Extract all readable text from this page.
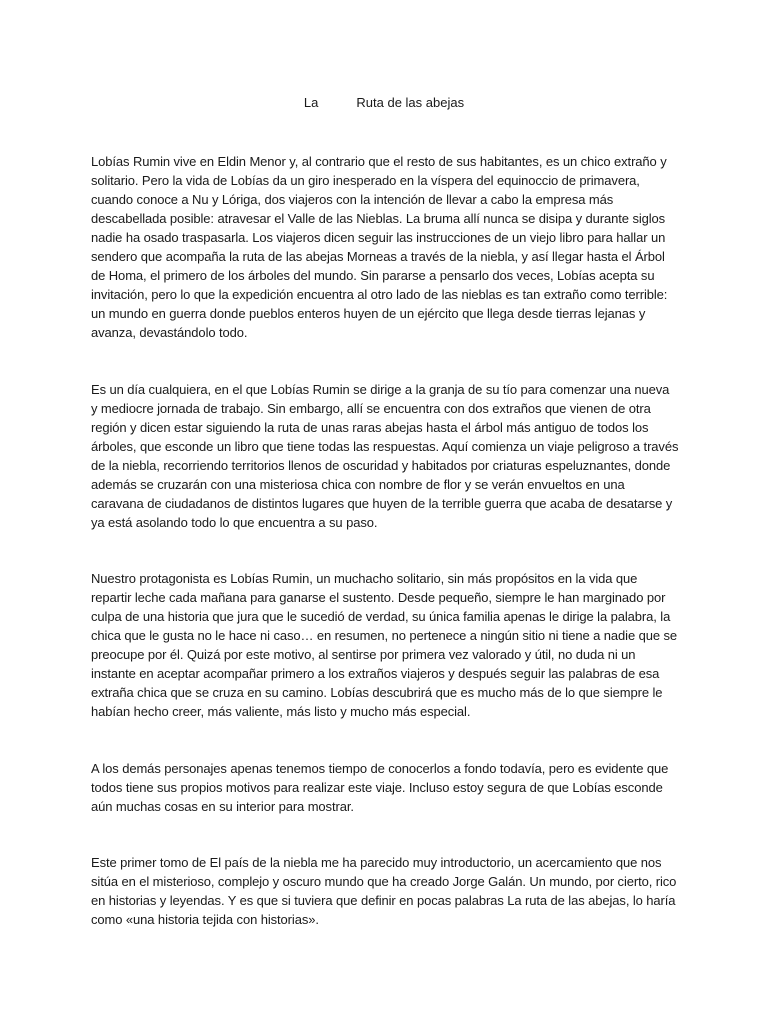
La	Ruta de las abejas

Lobías Rumin vive en Eldin Menor y, al contrario que el resto de sus habitantes, es un chico extraño y solitario. Pero la vida de Lobías da un giro inesperado en la víspera del equinoccio de primavera, cuando conoce a Nu y Lóriga, dos viajeros con la intención de llevar a cabo la empresa más descabellada posible: atravesar el Valle de las Nieblas. La bruma allí nunca se disipa y durante siglos nadie ha osado traspasarla. Los viajeros dicen seguir las instrucciones de un viejo libro para hallar un sendero que acompaña la ruta de las abejas Morneas a través de la niebla, y así llegar hasta el Árbol de Homa, el primero de los árboles del mundo. Sin pararse a pensarlo dos veces, Lobías acepta su invitación, pero lo que la expedición encuentra al otro lado de las nieblas es tan extraño como terrible: un mundo en guerra donde pueblos enteros huyen de un ejército que llega desde tierras lejanas y avanza, devastándolo todo.

Es un día cualquiera, en el que Lobías Rumin se dirige a la granja de su tío para comenzar una nueva y mediocre jornada de trabajo. Sin embargo, allí se encuentra con dos extraños que vienen de otra región y dicen estar siguiendo la ruta de unas raras abejas hasta el árbol más antiguo de todos los árboles, que esconde un libro que tiene todas las respuestas. Aquí comienza un viaje peligroso a través de la niebla, recorriendo territorios llenos de oscuridad y habitados por criaturas espeluznantes, donde además se cruzarán con una misteriosa chica con nombre de flor y se verán envueltos en una caravana de ciudadanos de distintos lugares que huyen de la terrible guerra que acaba de desatarse y ya está asolando todo lo que encuentra a su paso.

Nuestro protagonista es Lobías Rumin, un muchacho solitario, sin más propósitos en la vida que repartir leche cada mañana para ganarse el sustento. Desde pequeño, siempre le han marginado por culpa de una historia que jura que le sucedió de verdad, su única familia apenas le dirige la palabra, la chica que le gusta no le hace ni caso… en resumen, no pertenece a ningún sitio ni tiene a nadie que se preocupe por él. Quizá por este motivo, al sentirse por primera vez valorado y útil, no duda ni un instante en aceptar acompañar primero a los extraños viajeros y después seguir las palabras de esa extraña chica que se cruza en su camino. Lobías descubrirá que es mucho más de lo que siempre le habían hecho creer, más valiente, más listo y mucho más especial.

A los demás personajes apenas tenemos tiempo de conocerlos a fondo todavía, pero es evidente que todos tiene sus propios motivos para realizar este viaje. Incluso estoy segura de que Lobías esconde aún muchas cosas en su interior para mostrar.

Este primer tomo de El país de la niebla me ha parecido muy introductorio, un acercamiento que nos sitúa en el misterioso, complejo y oscuro mundo que ha creado Jorge Galán. Un mundo, por cierto, rico en historias y leyendas. Y es que si tuviera que definir en pocas palabras La ruta de las abejas, lo haría como «una historia tejida con historias».
